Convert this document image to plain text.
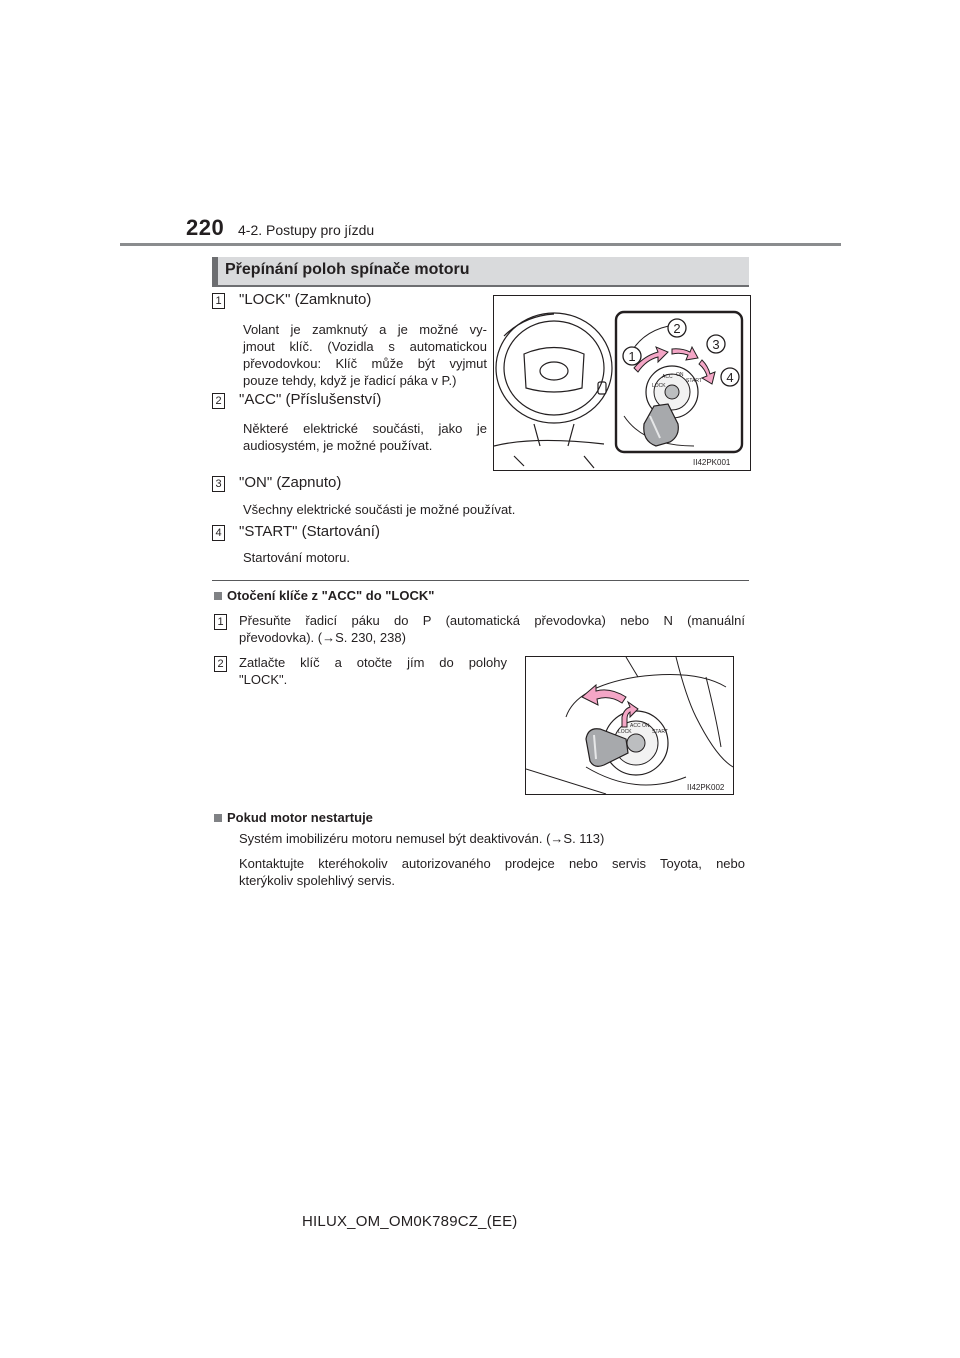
220 4-2. Postupy pro jízdu
Přepínání poloh spínače motoru
1 "LOCK" (Zamknuto)
Volant je zamknutý a je možné vy-
jmout klíč. (Vozidla s automatickou
převodovkou: Klíč může být vyjmut
pouze tehdy, když je řadicí páka v P.)
2 "ACC" (Příslušenství)
Některé elektrické součásti, jako je
audiosystém, je možné používat.
LOCK
ACC ON
START
1
2
3
4
II42PK001
3 "ON" (Zapnuto)
Všechny elektrické součásti je možné používat.
4 "START" (Startování)
Startování motoru.
Otočení klíče z "ACC" do "LOCK"
1 Přesuňte řadicí páku do P (automatická převodovka) nebo N (manuální
převodovka). (→S. 230, 238)
2 Zatlačte klíč a otočte jím do polohy
"LOCK".
LOCK
ACC ON
START
II42PK002
Pokud motor nestartuje
Systém imobilizéru motoru nemusel být deaktivován. (→S. 113)
Kontaktujte kteréhokoliv autorizovaného prodejce nebo servis Toyota, nebo
kterýkoliv spolehlivý servis.
HILUX_OM_OM0K789CZ_(EE)
